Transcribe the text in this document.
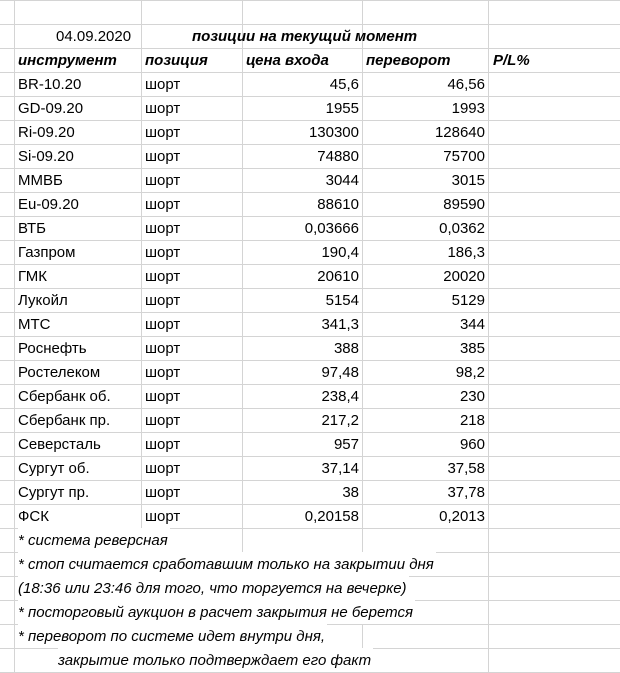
04.09.2020	позиции на текущий момент
инструмент	позиция	цена входа	переворот	P/L%
BR-10.20	шорт	45,6	46,56
GD-09.20	шорт	1955	1993
Ri-09.20	шорт	130300	128640
Si-09.20	шорт	74880	75700
ММВБ	шорт	3044	3015
Eu-09.20	шорт	88610	89590
ВТБ	шорт	0,03666	0,0362
Газпром	шорт	190,4	186,3
ГМК	шорт	20610	20020
Лукойл	шорт	5154	5129
МТС	шорт	341,3	344
Роснефть	шорт	388	385
Ростелеком	шорт	97,48	98,2
Сбербанк об.	шорт	238,4	230
Сбербанк пр.	шорт	217,2	218
Северсталь	шорт	957	960
Сургут об.	шорт	37,14	37,58
Сургут пр.	шорт	38	37,78
ФСК	шорт	0,20158	0,2013
* система реверсная
* стоп считается сработавшим только на закрытии дня
(18:36 или 23:46 для того, что торгуется на вечерке)
* посторговый аукцион в расчет закрытия не берется
* переворот по системе идет внутри дня,
закрытие только подтверждает его факт
